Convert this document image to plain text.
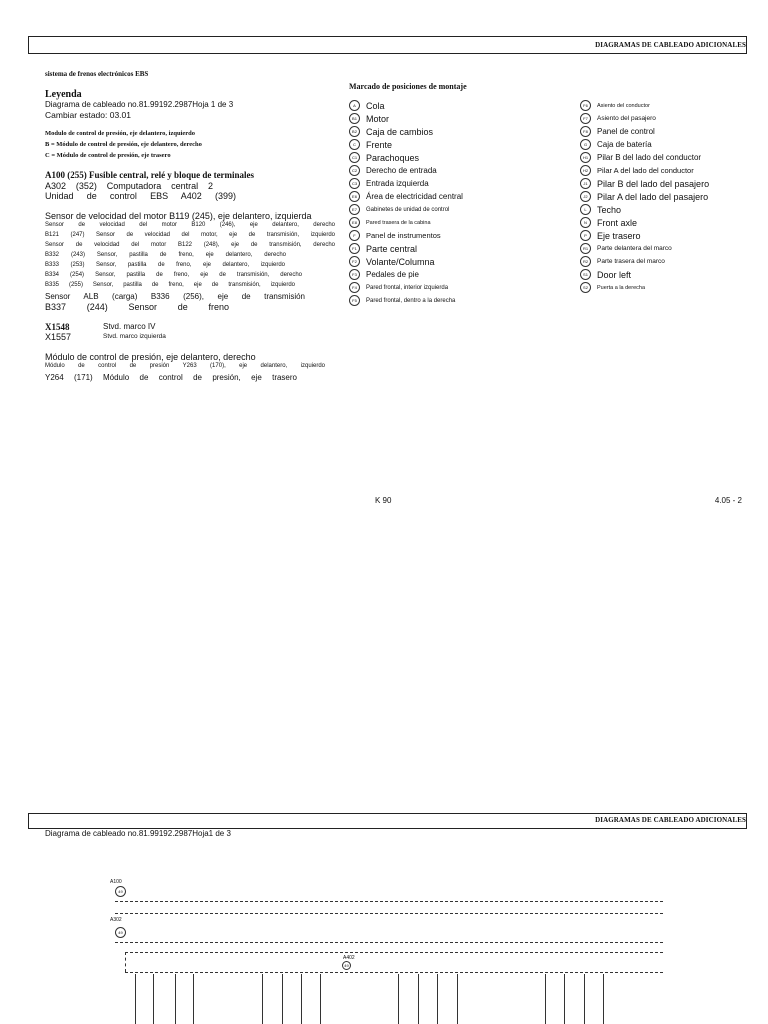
DIAGRAMAS DE CABLEADO ADICIONALES
sistema de frenos electrónicos EBS
Leyenda
Diagrama de cableado no.81.99192.2987Hoja 1 de 3
Cambiar estado: 03.01
Modulo de control de presión, eje delantero, izquierdo
B = Módulo de control de presión, eje delantero, derecho
C = Módulo de control de presión, eje trasero
A100 (255) Fusible central, relé y bloque de terminales
A302 (352) Computadora central 2
Unidad de control EBS A402 (399)
Sensor de velocidad del motor B119 (245), eje delantero, izquierda
Sensor de velocidad del motor B120 (246), eje delantero, derecho
B121 (247) Sensor de velocidad del motor, eje de transmisión, izquierdo
Sensor de velocidad del motor B122 (248), eje de transmisión, derecho
B332 (243) Sensor, pastilla de freno, eje delantero, derecho
B333 (253) Sensor, pastilla de freno, eje delantero, izquierdo
B334 (254) Sensor, pastilla de freno, eje de transmisión, derecho
B335 (255) Sensor, pastilla de freno, eje de transmisión, izquierdo
Sensor ALB (carga) B336 (256), eje de transmisión
B337 (244) Sensor de freno
X1548	Stvd. marco IV
X1557	Stvd. marco izquierda
Módulo de control de presión, eje delantero, derecho
Módulo de control de presión Y263 (170), eje delantero, izquierdo
Y264 (171) Módulo de control de presión, eje trasero
Marcado de posiciones de montaje
A	Cola
B1	Motor
B2	Caja de cambios
C	Frente
C1 Parachoques
C2	Derecho de entrada
C3	Entrada izquierda
E6	Área de electricidad central
E7	Gabinetes de unidad de control
E8	Pared trasera de la cabina
F	Panel de instrumentos
F1	Parte central
F2	Volante/Columna
F3	Pedales de pie
F4	Pared frontal, interior izquierda
F5	Pared frontal, dentro a la derecha
F6	Asiento del conductor
F7	Asiento del pasajero
F8	Panel de control
G	Caja de batería
H1	Pilar B del lado del conductor
H2	Pilar A del lado del conductor
J1	Pilar B del lado del pasajero
J2	Pilar A del lado del pasajero
L	Techo
N	Front axle
P	Eje trasero
R1	Parte delantera del marco
R2	Parte trasera del marco
S1	Door left
S2	Puerta a la derecha
K 90	4.05 - 2
DIAGRAMAS DE CABLEADO ADICIONALES
Diagrama de cableado no.81.99192.2987Hoja1 de 3
A100
49
A302
49
A402
49
